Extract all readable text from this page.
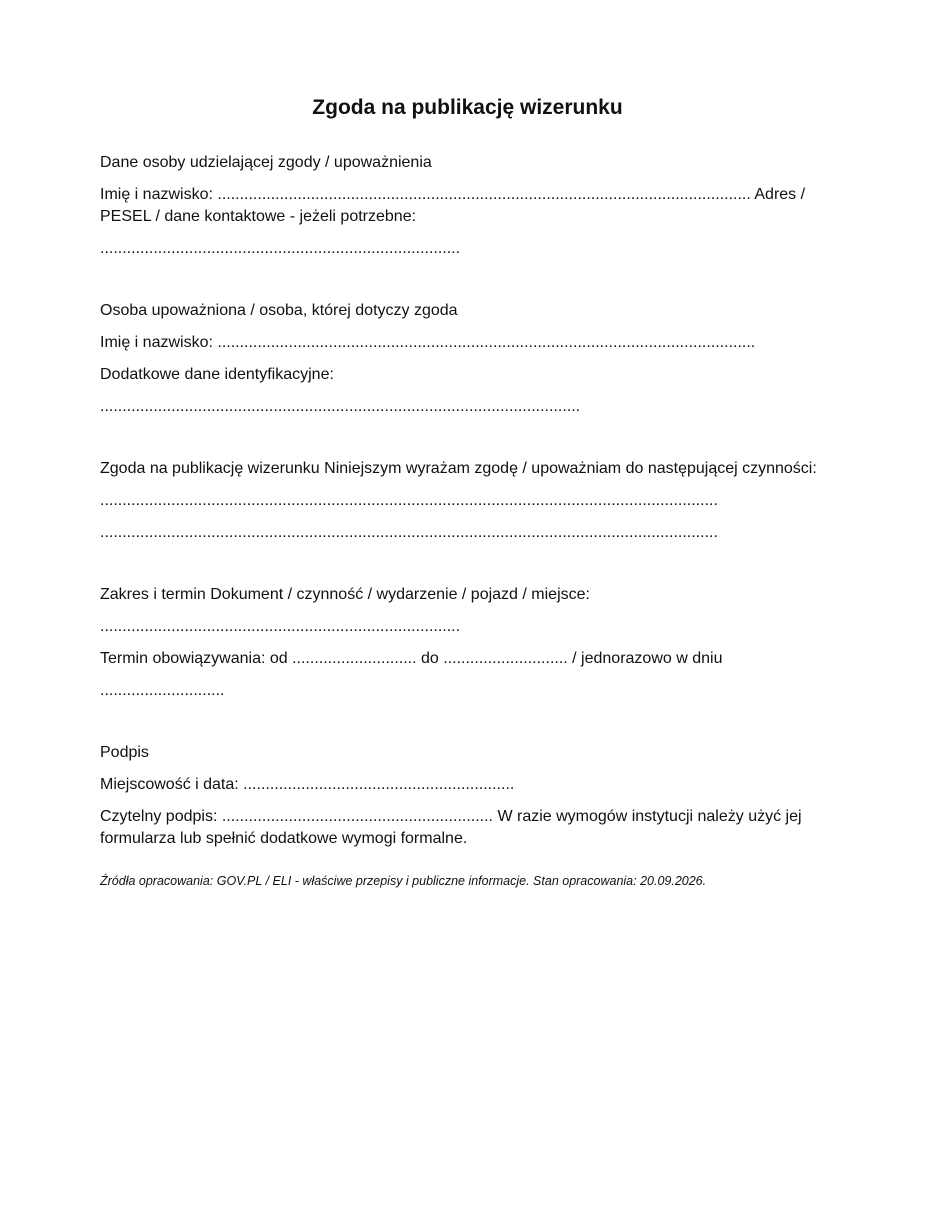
Zgoda na publikację wizerunku
Dane osoby udzielającej zgody / upoważnienia
Imię i nazwisko: ........................................................................................................................ Adres / PESEL / dane kontaktowe - jeżeli potrzebne:
.................................................................................
Osoba upoważniona / osoba, której dotyczy zgoda
Imię i nazwisko: .........................................................................................................................
Dodatkowe dane identyfikacyjne:
............................................................................................................
Zgoda na publikację wizerunku Niniejszym wyrażam zgodę / upoważniam do następującej czynności:
...........................................................................................................................................
...........................................................................................................................................
Zakres i termin Dokument / czynność / wydarzenie / pojazd / miejsce:
.................................................................................
Termin obowiązywania: od ............................ do ............................ / jednorazowo w dniu
............................
Podpis
Miejscowość i data: .............................................................
Czytelny podpis: ............................................................. W razie wymogów instytucji należy użyć jej formularza lub spełnić dodatkowe wymogi formalne.
Źródła opracowania: GOV.PL / ELI - właściwe przepisy i publiczne informacje. Stan opracowania: 20.09.2026.
